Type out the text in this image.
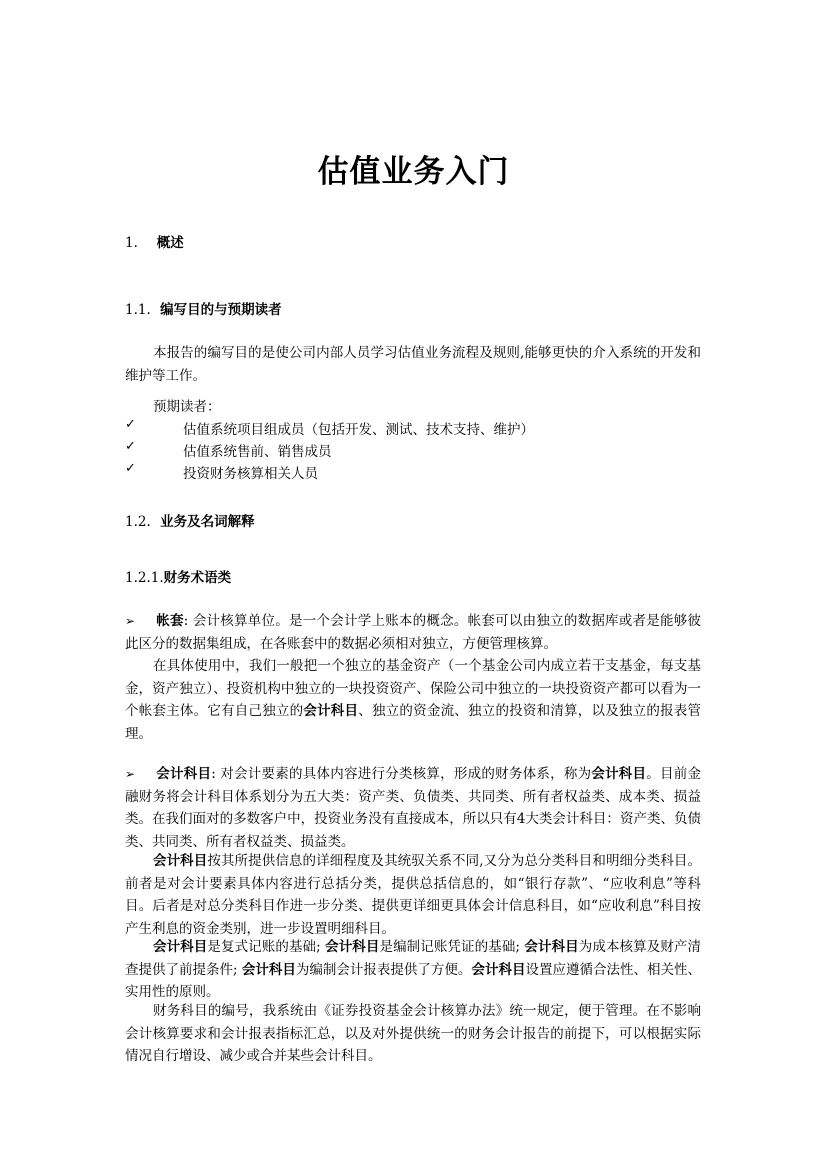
估值业务入门
1. 概述
1.1. 编写目的与预期读者

本报告的编写目的是使公司内部人员学习估值业务流程及规则,能够更快的介入系统的开发和维护等工作。

预期读者：
✓	估值系统项目组成员（包括开发、测试、技术支持、维护）
✓	估值系统售前、销售成员
✓	投资财务核算相关人员
1.2. 业务及名词解释
1.2.1.财务术语类

➢ 帐套: 会计核算单位。是一个会计学上账本的概念。帐套可以由独立的数据库或者是能够彼此区分的数据集组成，在各账套中的数据必须相对独立，方便管理核算。

在具体使用中，我们一般把一个独立的基金资产（一个基金公司内成立若干支基金，每支基金，资产独立）、投资机构中独立的一块投资资产、保险公司中独立的一块投资资产都可以看为一个帐套主体。它有自己独立的会计科目、独立的资金流、独立的投资和清算，以及独立的报表管理。

➢ 会计科目: 对会计要素的具体内容进行分类核算，形成的财务体系，称为会计科目。目前金融财务将会计科目体系划分为五大类：资产类、负债类、共同类、所有者权益类、成本类、损益类。在我们面对的多数客户中，投资业务没有直接成本，所以只有4大类会计科目：资产类、负债类、共同类、所有者权益类、损益类。

会计科目按其所提供信息的详细程度及其统驭关系不同,又分为总分类科目和明细分类科目。前者是对会计要素具体内容进行总括分类，提供总括信息的，如“银行存款”、“应收利息”等科目。后者是对总分类科目作进一步分类、提供更详细更具体会计信息科目，如“应收利息”科目按产生利息的资金类别，进一步设置明细科目。

会计科目是复式记账的基础; 会计科目是编制记账凭证的基础; 会计科目为成本核算及财产清查提供了前提条件; 会计科目为编制会计报表提供了方便。会计科目设置应遵循合法性、相关性、实用性的原则。

财务科目的编号，我系统由《证券投资基金会计核算办法》统一规定，便于管理。在不影响会计核算要求和会计报表指标汇总，以及对外提供统一的财务会计报告的前提下，可以根据实际情况自行增设、减少或合并某些会计科目。
